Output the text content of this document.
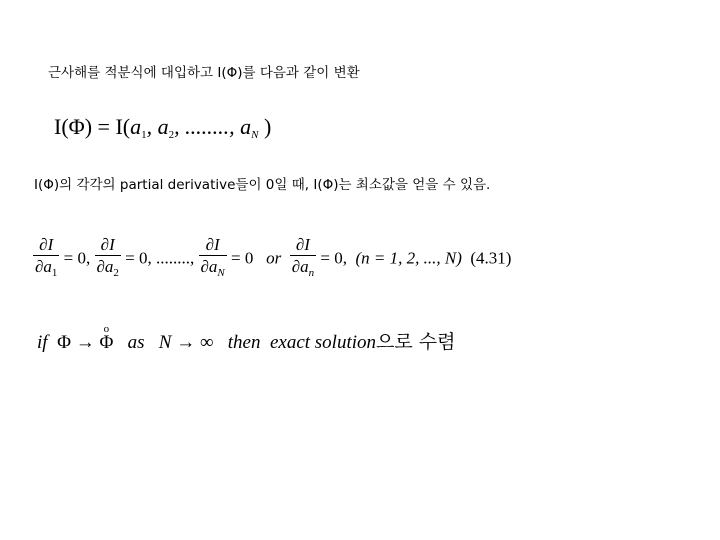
근사해를 적분식에 대입하고 I(Φ)를 다음과 같이 변환
$I(\Phi) = I(a_1$, $a_2$, ........, $a_N$ )
I(Φ)의 각각의 partial derivative들이 0일 때, I(Φ)는 최소값을 얻을 수 있음.
$\frac{\partial I}{\partial a_1} = 0$, $\frac{\partial I}{\partial a_2} = 0$, ........, $\frac{\partial I}{\partial a_N} = 0$   or $\frac{\partial I}{\partial a_n} = 0$,  (n = 1, 2, ..., N) (4.31)
if Φ →
o
Φ as N → ∞ then exact solution으로 수렴
